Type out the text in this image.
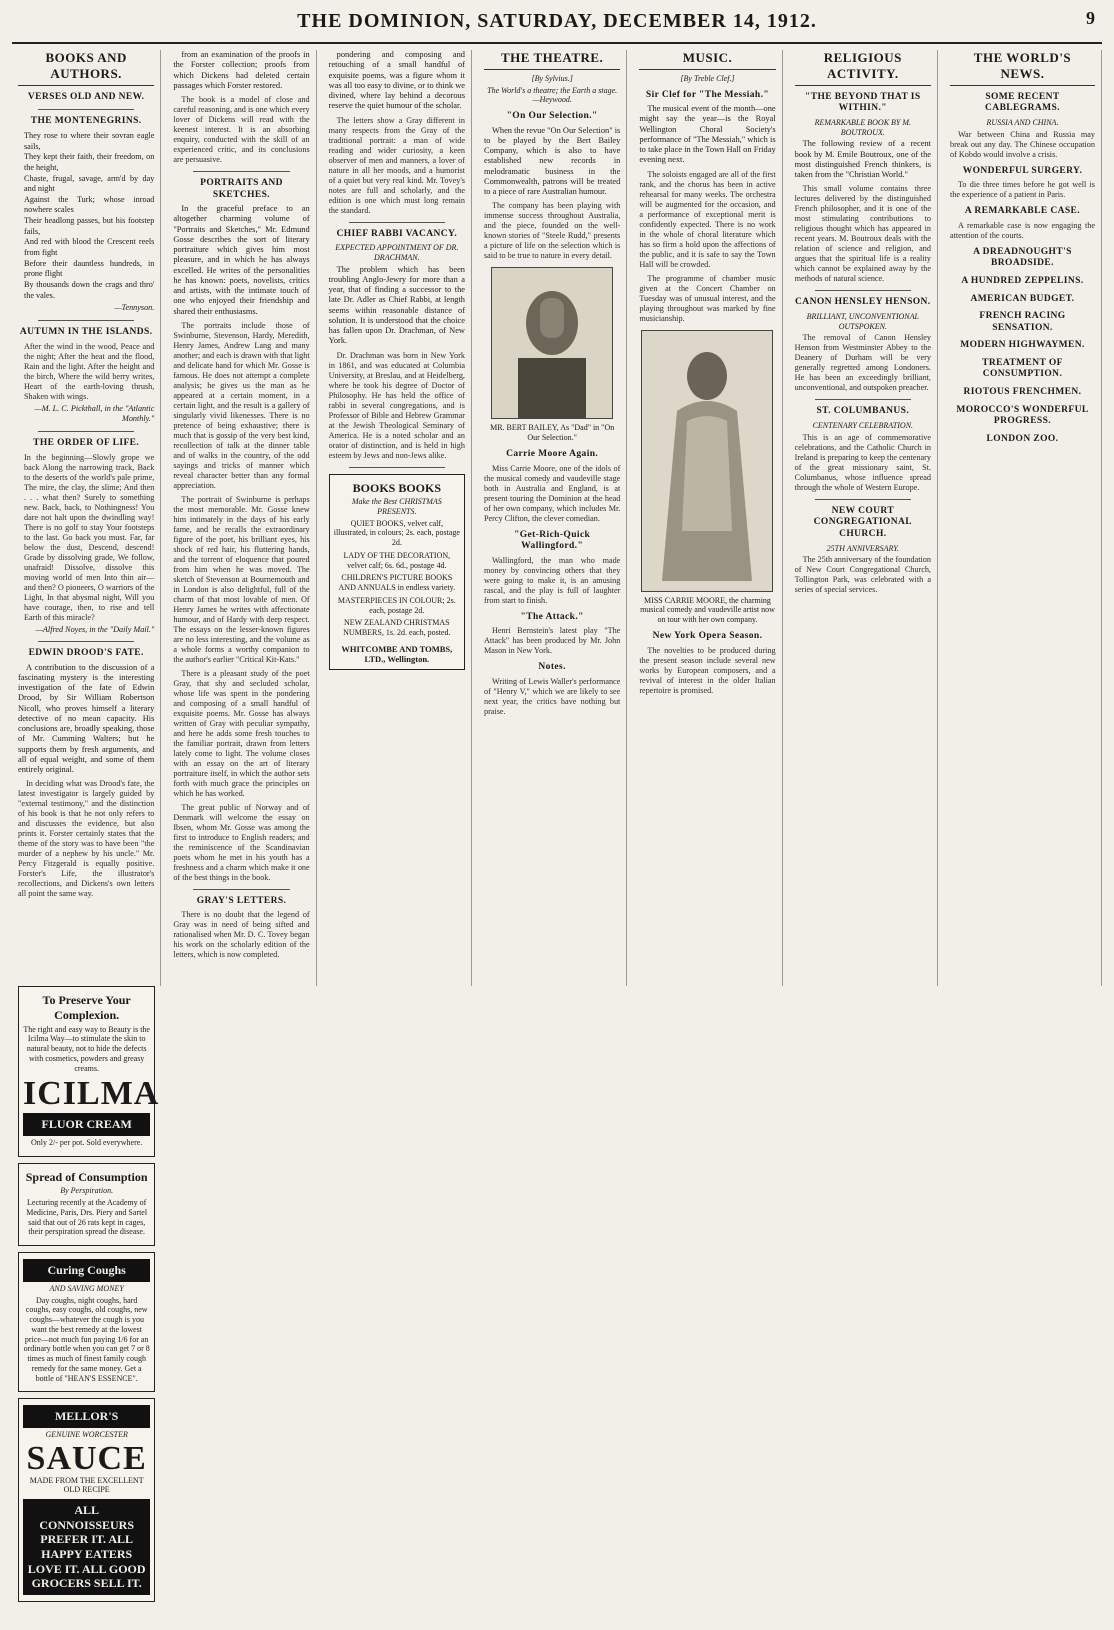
THE DOMINION, SATURDAY, DECEMBER 14, 1912.	9
BOOKS AND AUTHORS.
VERSES OLD AND NEW.
THE MONTENEGRINS.
They rose to where their sovran eagle sails,
They kept their faith, their freedom, on the height,
Chaste, frugal, savage, arm'd by day and night
Against the Turk; whose inroad nowhere scales
Their headlong passes, but his footstep fails,
And red with blood the Crescent reels from fight
Before their dauntless hundreds, in prone flight
By thousands down the crags and thro' the vales.
—Tennyson.
AUTUMN IN THE ISLANDS.
After the wind in the wood, Peace and the night; After the heat and the flood, Rain and the light. After the height and the birch, Where the wild berry writes, Heart of the earth-loving thrush, Shaken with wings.
—M. L. C. Pickthall, in the "Atlantic Monthly."
THE ORDER OF LIFE.
In the beginning—Slowly grope we back Along the narrowing track, Back to the deserts of the world's pale prime, The mire, the clay, the slime; And then . . . what then? Surely to something new. Back, back, to Nothingness! You dare not halt upon the dwindling way! There is no golf to stay Your footsteps to the last. Go back you must. Far, far below the dust, Descend, descend! Grade by dissolving grade, We follow, unafraid! Dissolve, dissolve this moving world of men Into thin air—and then? O pioneers, O warriors of the Light, In that abysmal night, Will you have courage, then, to rise and tell Earth of this miracle?
—Alfred Noyes, in the "Daily Mail."
EDWIN DROOD'S FATE.

A contribution to the discussion of a fascinating mystery is the interesting investigation of the fate of Edwin Drood, by Sir William Robertson Nicoll, who proves himself a literary detective of no mean capacity. His conclusions are, broadly speaking, those of Mr. Cumming Walters; but he supports them by fresh arguments, and all of equal weight, and some of them entirely original.

In deciding what was Drood's fate, the latest investigator is largely guided by "external testimony," and the distinction of his book is that he not only refers to and discusses the evidence, but also prints it. Forster certainly states that the theme of the story was to have been "the murder of a nephew by his uncle." Mr. Percy Fitzgerald is equally positive. Forster's Life, the illustrator's recollections, and Dickens's own letters all point the same way.

from an examination of the proofs in the Forster collection; proofs from which Dickens had deleted certain passages which Forster restored.

The book is a model of close and careful reasoning, and is one which every lover of Dickens will read with the keenest interest. It is an absorbing enquiry, conducted with the skill of an experienced critic, and its conclusions are persuasive.

PORTRAITS AND SKETCHES.

In the graceful preface to an altogether charming volume of "Portraits and Sketches," Mr. Edmund Gosse describes the sort of literary portraiture which gives him most pleasure, and in which he has always excelled. He writes of the personalities he has known: poets, novelists, critics and artists, with the intimate touch of one who enjoyed their friendship and shared their enthusiasms.

The portraits include those of Swinburne, Stevenson, Hardy, Meredith, Henry James, Andrew Lang and many another; and each is drawn with that light and delicate hand for which Mr. Gosse is famous. He does not attempt a complete analysis; he gives us the man as he appeared at a certain moment, in a certain light, and the result is a gallery of singularly vivid likenesses. There is no pretence of being exhaustive; there is much that is gossip of the very best kind, recollection of talk at the dinner table and of walks in the country, of the odd sayings and tricks of manner which reveal character better than any formal appreciation.

The portrait of Swinburne is perhaps the most memorable. Mr. Gosse knew him intimately in the days of his early fame, and he recalls the extraordinary figure of the poet, his brilliant eyes, his shock of red hair, his fluttering hands, and the torrent of eloquence that poured from him when he was moved. The sketch of Stevenson at Bournemouth and in London is also delightful, full of the charm of that most lovable of men. Of Henry James he writes with affectionate humour, and of Hardy with deep respect. The essays on the lesser-known figures are no less interesting, and the volume as a whole forms a worthy companion to the author's earlier "Critical Kit-Kats."

There is a pleasant study of the poet Gray, that shy and secluded scholar, whose life was spent in the pondering and composing of a small handful of exquisite poems. Mr. Gosse has always written of Gray with peculiar sympathy, and here he adds some fresh touches to the familiar portrait, drawn from letters lately come to light. The volume closes with an essay on the art of literary portraiture itself, in which the author sets forth with much grace the principles on which he has worked.

The great public of Norway and of Denmark will welcome the essay on Ibsen, whom Mr. Gosse was among the first to introduce to English readers; and the reminiscence of the Scandinavian poets whom he met in his youth has a freshness and a charm which make it one of the best things in the book.

GRAY'S LETTERS.

There is no doubt that the legend of Gray was in need of being sifted and rationalised when Mr. D. C. Tovey began his work on the scholarly edition of the letters, which is now completed.

pondering and composing and retouching of a small handful of exquisite poems, was a figure whom it was all too easy to divine, or to think we divined, where lay behind a decorous reserve the quiet humour of the scholar.

The letters show a Gray different in many respects from the Gray of the traditional portrait: a man of wide reading and wider curiosity, a keen observer of men and manners, a lover of nature in all her moods, and a humorist of a quiet but very real kind. Mr. Tovey's notes are full and scholarly, and the edition is one which must long remain the standard.

CHIEF RABBI VACANCY.
EXPECTED APPOINTMENT OF DR. DRACHMAN.

The problem which has been troubling Anglo-Jewry for more than a year, that of finding a successor to the late Dr. Adler as Chief Rabbi, at length seems within reasonable distance of solution. It is understood that the choice has fallen upon Dr. Drachman, of New York.

Dr. Drachman was born in New York in 1861, and was educated at Columbia University, at Breslau, and at Heidelberg, where he took his degree of Doctor of Philosophy. He has held the office of rabbi in several congregations, and is Professor of Bible and Hebrew Grammar at the Jewish Theological Seminary of America. He is a noted scholar and an orator of distinction, and is held in high esteem by Jews and non-Jews alike.

BOOKS BOOKS
Make the Best CHRISTMAS PRESENTS.
QUIET BOOKS, velvet calf, illustrated, in colours; 2s. each, postage 2d.
LADY OF THE DECORATION, velvet calf; 6s. 6d., postage 4d.
CHILDREN'S PICTURE BOOKS AND ANNUALS in endless variety.
MASTERPIECES IN COLOUR; 2s. each, postage 2d.
NEW ZEALAND CHRISTMAS NUMBERS, 1s. 2d. each, posted.
WHITCOMBE AND TOMBS, LTD., Wellington.
THE THEATRE.
[By Sylvius.]
The World's a theatre; the Earth a stage.—Heywood.
"On Our Selection."

When the revue "On Our Selection" is to be played by the Bert Bailey Company, which is also to have established new records in melodramatic business in the Commonwealth, patrons will be treated to a piece of rare Australian humour.

The company has been playing with immense success throughout Australia, and the piece, founded on the well-known stories of "Steele Rudd," presents a picture of life on the selection which is said to be true to nature in every detail.

MR. BERT BAILEY, As "Dad" in "On Our Selection."
Carrie Moore Again.

Miss Carrie Moore, one of the idols of the musical comedy and vaudeville stage both in Australia and England, is at present touring the Dominion at the head of her own company, which includes Mr. Percy Clifton, the clever comedian.

"Get-Rich-Quick Wallingford."

Wallingford, the man who made money by convincing others that they were going to make it, is an amusing rascal, and the play is full of laughter from start to finish.

"The Attack."

Henri Bernstein's latest play "The Attack" has been produced by Mr. John Mason in New York.

Notes.

Writing of Lewis Waller's performance of "Henry V," which we are likely to see next year, the critics have nothing but praise.

MUSIC.
[By Treble Clef.]
Sir Clef for "The Messiah."

The musical event of the month—one might say the year—is the Royal Wellington Choral Society's performance of "The Messiah," which is to take place in the Town Hall on Friday evening next.

The soloists engaged are all of the first rank, and the chorus has been in active rehearsal for many weeks. The orchestra will be augmented for the occasion, and a performance of exceptional merit is confidently expected. There is no work in the whole of choral literature which has so firm a hold upon the affections of the public, and it is safe to say the Town Hall will be crowded.

The programme of chamber music given at the Concert Chamber on Tuesday was of unusual interest, and the playing throughout was marked by fine musicianship.

MISS CARRIE MOORE, the charming musical comedy and vaudeville artist now on tour with her own company.
New York Opera Season.

The novelties to be produced during the present season include several new works by European composers, and a revival of interest in the older Italian repertoire is promised.

RELIGIOUS ACTIVITY.
"THE BEYOND THAT IS WITHIN."
REMARKABLE BOOK BY M. BOUTROUX.

The following review of a recent book by M. Emile Boutroux, one of the most distinguished French thinkers, is taken from the "Christian World."

This small volume contains three lectures delivered by the distinguished French philosopher, and it is one of the most stimulating contributions to religious thought which has appeared in recent years. M. Boutroux deals with the relation of science and religion, and argues that the spiritual life is a reality which cannot be explained away by the methods of natural science.

CANON HENSLEY HENSON.
BRILLIANT, UNCONVENTIONAL OUTSPOKEN.

The removal of Canon Hensley Henson from Westminster Abbey to the Deanery of Durham will be very generally regretted among Londoners. He has been an exceedingly brilliant, unconventional, and outspoken preacher.

ST. COLUMBANUS.
CENTENARY CELEBRATION.

This is an age of commemorative celebrations, and the Catholic Church in Ireland is preparing to keep the centenary of the great missionary saint, St. Columbanus, whose influence spread through the whole of Western Europe.

NEW COURT CONGREGATIONAL CHURCH.
25TH ANNIVERSARY.

The 25th anniversary of the foundation of New Court Congregational Church, Tollington Park, was celebrated with a series of special services.

THE WORLD'S NEWS.
SOME RECENT CABLEGRAMS.
RUSSIA AND CHINA.

War between China and Russia may break out any day. The Chinese occupation of Kobdo would involve a crisis.

WONDERFUL SURGERY.

To die three times before he got well is the experience of a patient in Paris.

A REMARKABLE CASE.

A remarkable case is now engaging the attention of the courts.

A DREADNOUGHT'S BROADSIDE.
A HUNDRED ZEPPELINS.
AMERICAN BUDGET.
FRENCH RACING SENSATION.
MODERN HIGHWAYMEN.
TREATMENT OF CONSUMPTION.
RIOTOUS FRENCHMEN.
MOROCCO'S WONDERFUL PROGRESS.
LONDON ZOO.
To Preserve Your Complexion.

The right and easy way to Beauty is the Icilma Way—to stimulate the skin to natural beauty, not to hide the defects with cosmetics, powders and greasy creams.

ICILMA
FLUOR CREAM

Only 2/- per pot. Sold everywhere.

Spread of Consumption
By Perspiration.

Lecturing recently at the Academy of Medicine, Paris, Drs. Piery and Sartel said that out of 26 rats kept in cages, their perspiration spread the disease.

Curing Coughs
AND SAVING MONEY

Day coughs, night coughs, hard coughs, easy coughs, old coughs, new coughs—whatever the cough is you want the best remedy at the lowest price—not much fun paying 1/6 for an ordinary bottle when you can get 7 or 8 times as much of finest family cough remedy for the same money. Get a bottle of "HEAN'S ESSENCE".

MELLOR'S
GENUINE WORCESTER
SAUCE

MADE FROM THE EXCELLENT OLD RECIPE

ALL CONNOISSEURS PREFER IT. ALL HAPPY EATERS LOVE IT. ALL GOOD GROCERS SELL IT.
